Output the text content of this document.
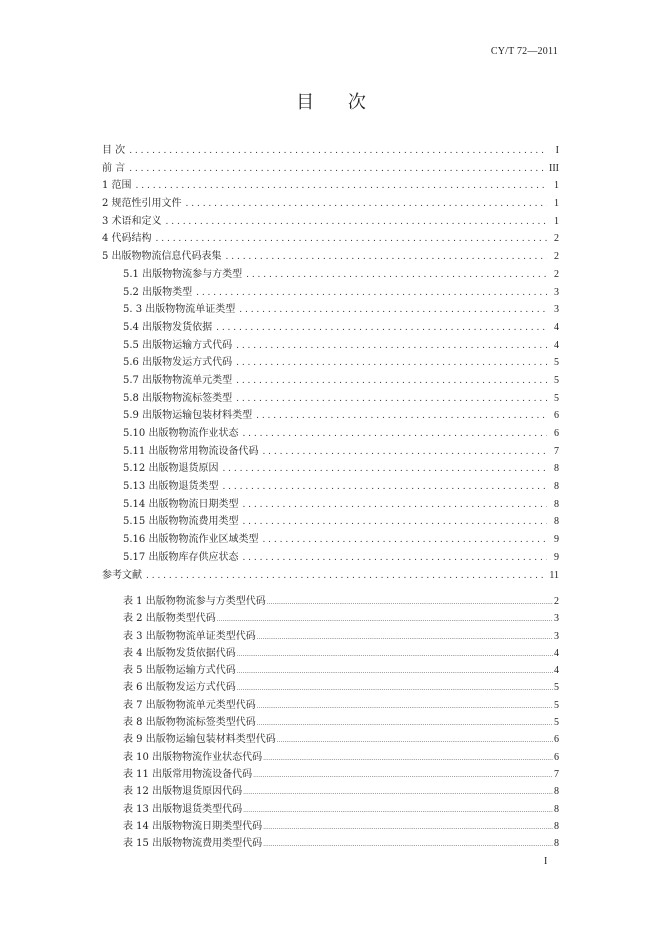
CY/T 72—2011
目 次
目 次 . . .	I
前 言 . . .	III
1 范围 . . .	1
2 规范性引用文件 . . .	1
3 术语和定义 . . .	1
4 代码结构 . . .	2
5 出版物物流信息代码表集 . . .	2
5.1 出版物物流参与方类型 . . .	2
5.2 出版物类型 . . .	3
5. 3 出版物物流单证类型 . . .	3
5.4 出版物发货依据 . . .	4
5.5 出版物运输方式代码 . . .	4
5.6 出版物发运方式代码 . . .	5
5.7 出版物物流单元类型 . . .	5
5.8 出版物物流标签类型 . . .	5
5.9 出版物运输包装材料类型 . . .	6
5.10 出版物物流作业状态 . . .	6
5.11 出版物常用物流设备代码 . . .	7
5.12 出版物退货原因 . . .	8
5.13 出版物退货类型 . . .	8
5.14 出版物物流日期类型 . . .	8
5.15 出版物物流费用类型 . . .	8
5.16 出版物物流作业区域类型 . . .	9
5.17 出版物库存供应状态 . . .	9
参考文献 . . .	11
表 1 出版物物流参与方类型代码 .....	2
表 2 出版物类型代码 .....	3
表 3 出版物物流单证类型代码 .....	3
表 4 出版物发货依据代码 .....	4
表 5 出版物运输方式代码 .....	4
表 6 出版物发运方式代码 .....	5
表 7 出版物物流单元类型代码 .....	5
表 8 出版物物流标签类型代码 .....	5
表 9 出版物运输包装材料类型代码 .....	6
表 10 出版物物流作业状态代码 .....	6
表 11 出版常用物流设备代码 .....	7
表 12 出版物退货原因代码 .....	8
表 13 出版物退货类型代码 .....	8
表 14 出版物物流日期类型代码 .....	8
表 15 出版物物流费用类型代码 .....	8
I
